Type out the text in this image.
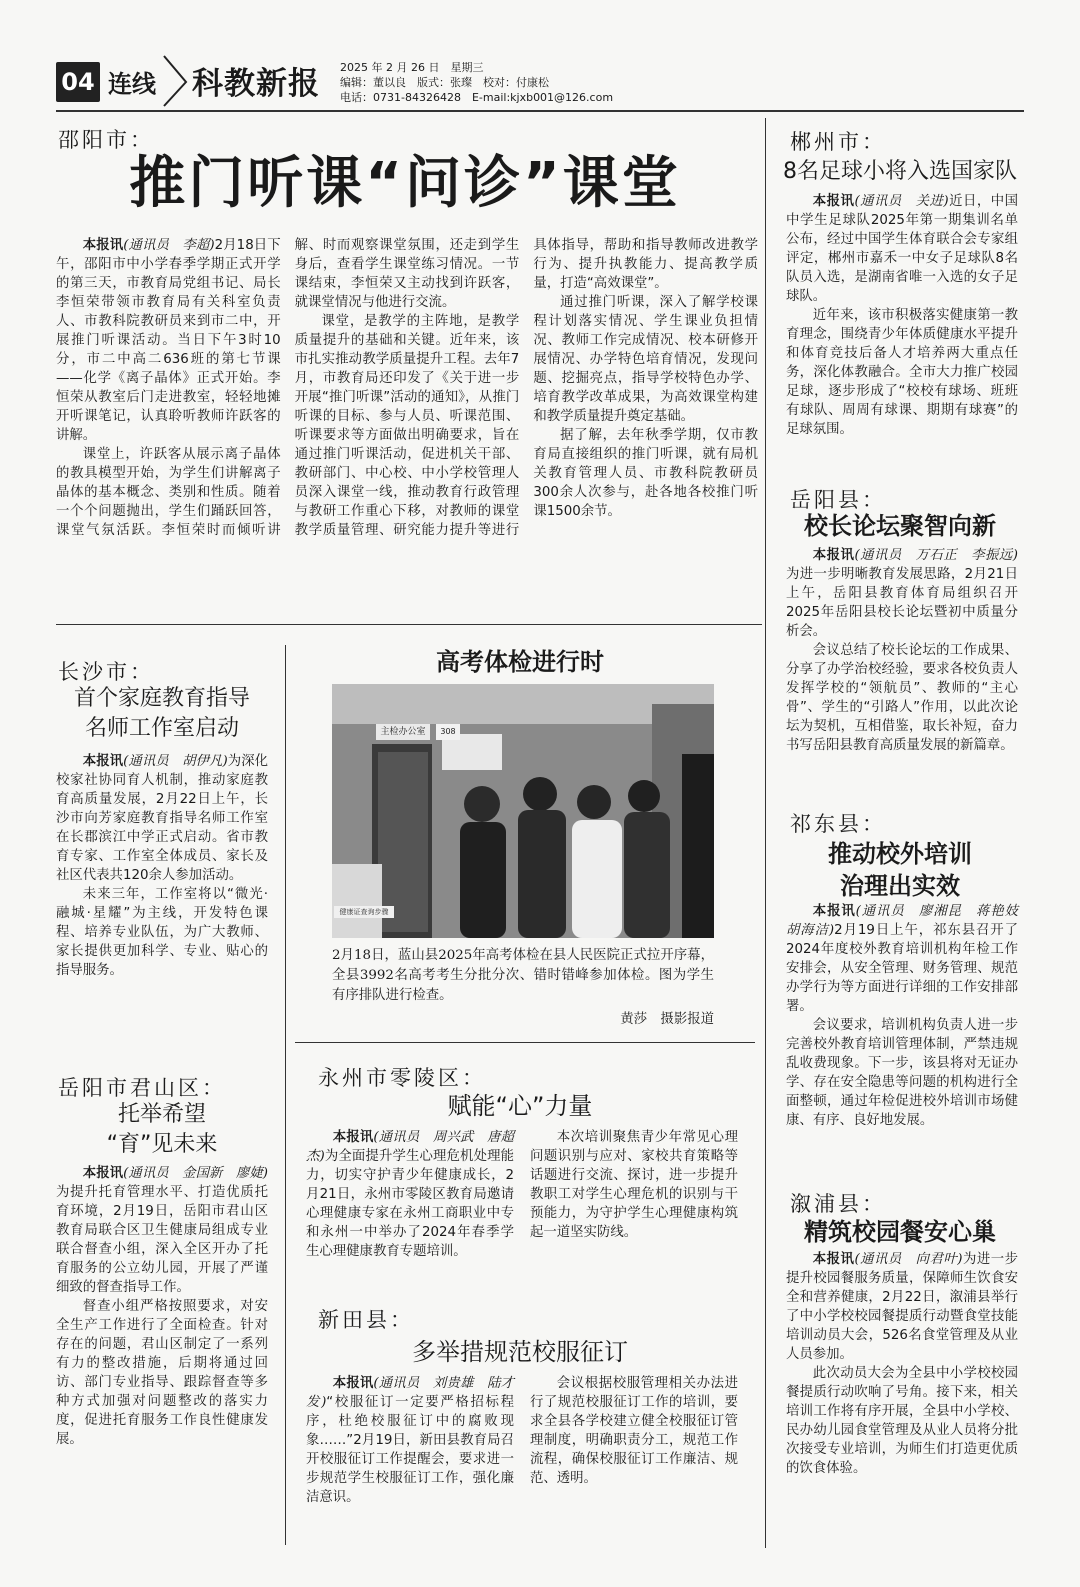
04 连线 科教新报 2025 年 2 月 26 日　星期三
编辑：董以良　版式：张璨　校对：付康松
电话：0731-84326428　E-mail:kjxb001@126.com
邵阳市：
推门听课“问诊”课堂

本报讯(通讯员　李超)2月18日下午，邵阳市中小学春季学期正式开学的第三天，市教育局党组书记、局长李恒荣带领市教育局有关科室负责人、市教科院教研员来到市二中，开展推门听课活动。当日下午3时10分，市二中高二636班的第七节课——化学《离子晶体》正式开始。李恒荣从教室后门走进教室，轻轻地摊开听课笔记，认真聆听教师许跃客的讲解。

课堂上，许跃客从展示离子晶体的教具模型开始，为学生们讲解离子晶体的基本概念、类别和性质。随着一个个问题抛出，学生们踊跃回答，课堂气氛活跃。李恒荣时而倾听讲解、时而观察课堂氛围，还走到学生身后，查看学生课堂练习情况。一节课结束，李恒荣又主动找到许跃客，就课堂情况与他进行交流。

课堂，是教学的主阵地，是教学质量提升的基础和关键。近年来，该市扎实推动教学质量提升工程。去年7月，市教育局还印发了《关于进一步开展“推门听课”活动的通知》，从推门听课的目标、参与人员、听课范围、听课要求等方面做出明确要求，旨在通过推门听课活动，促进机关干部、教研部门、中心校、中小学校管理人员深入课堂一线，推动教育行政管理与教研工作重心下移，对教师的课堂教学质量管理、研究能力提升等进行具体指导，帮助和指导教师改进教学行为、提升执教能力、提高教学质量，打造“高效课堂”。

通过推门听课，深入了解学校课程计划落实情况、学生课业负担情况、教师工作完成情况、校本研修开展情况、办学特色培育情况，发现问题、挖掘亮点，指导学校特色办学、培育教学改革成果，为高效课堂构建和教学质量提升奠定基础。

据了解，去年秋季学期，仅市教育局直接组织的推门听课，就有局机关教育管理人员、市教科院教研员300余人次参与，赴各地各校推门听课1500余节。

郴州市：
8名足球小将入选国家队

本报讯(通讯员　关进)近日，中国中学生足球队2025年第一期集训名单公布，经过中国学生体育联合会专家组评定，郴州市嘉禾一中女子足球队8名队员入选，是湖南省唯一入选的女子足球队。

近年来，该市积极落实健康第一教育理念，围绕青少年体质健康水平提升和体育竞技后备人才培养两大重点任务，深化体教融合。全市大力推广校园足球，逐步形成了“校校有球场、班班有球队、周周有球课、期期有球赛”的足球氛围。

岳阳县：
校长论坛聚智向新

本报讯(通讯员　万石正　李振远)为进一步明晰教育发展思路，2月21日上午，岳阳县教育体育局组织召开2025年岳阳县校长论坛暨初中质量分析会。

会议总结了校长论坛的工作成果、分享了办学治校经验，要求各校负责人发挥学校的“领航员”、教师的“主心骨”、学生的“引路人”作用，以此次论坛为契机，互相借鉴，取长补短，奋力书写岳阳县教育高质量发展的新篇章。

祁东县：
推动校外培训
治理出实效

本报讯(通讯员　廖湘昆　蒋艳妓　胡海洁)2月19日上午，祁东县召开了2024年度校外教育培训机构年检工作安排会，从安全管理、财务管理、规范办学行为等方面进行详细的工作安排部署。

会议要求，培训机构负责人进一步完善校外教育培训管理体制，严禁违规乱收费现象。下一步，该县将对无证办学、存在安全隐患等问题的机构进行全面整顿，通过年检促进校外培训市场健康、有序、良好地发展。

溆浦县：
精筑校园餐安心巢

本报讯(通讯员　向君叶)为进一步提升校园餐服务质量，保障师生饮食安全和营养健康，2月22日，溆浦县举行了中小学校校园餐提质行动暨食堂技能培训动员大会，526名食堂管理及从业人员参加。

此次动员大会为全县中小学校校园餐提质行动吹响了号角。接下来，相关培训工作将有序开展，全县中小学校、民办幼儿园食堂管理及从业人员将分批次接受专业培训，为师生们打造更优质的饮食体验。

长沙市：
首个家庭教育指导
名师工作室启动

本报讯(通讯员　胡伊凡)为深化校家社协同育人机制，推动家庭教育高质量发展，2月22日上午，长沙市向芳家庭教育指导名师工作室在长郡滨江中学正式启动。省市教育专家、工作室全体成员、家长及社区代表共120余人参加活动。

未来三年，工作室将以“微光·融城·星耀”为主线，开发特色课程、培养专业队伍，为广大教师、家长提供更加科学、专业、贴心的指导服务。

岳阳市君山区：
托举希望
“育”见未来

本报讯(通讯员　金国新　廖婕)为提升托育管理水平、打造优质托育环境，2月19日，岳阳市君山区教育局联合区卫生健康局组成专业联合督查小组，深入全区开办了托育服务的公立幼儿园，开展了严谨细致的督查指导工作。

督查小组严格按照要求，对安全生产工作进行了全面检查。针对存在的问题，君山区制定了一系列有力的整改措施，后期将通过回访、部门专业指导、跟踪督查等多种方式加强对问题整改的落实力度，促进托育服务工作良性健康发展。

高考体检进行时
主检办公室	308
健康证查询步骤
2月18日，蓝山县2025年高考体检在县人民医院正式拉开序幕，全县3992名高考考生分批分次、错时错峰参加体检。图为学生有序排队进行检查。
黄莎　摄影报道
永州市零陵区：
赋能“心”力量

本报讯(通讯员　周兴武　唐超杰)为全面提升学生心理危机处理能力，切实守护青少年健康成长，2月21日，永州市零陵区教育局邀请心理健康专家在永州工商职业中专和永州一中举办了2024年春季学生心理健康教育专题培训。

本次培训聚焦青少年常见心理问题识别与应对、家校共育策略等话题进行交流、探讨，进一步提升教职工对学生心理危机的识别与干预能力，为守护学生心理健康构筑起一道坚实防线。

新田县：
多举措规范校服征订

本报讯(通讯员　刘贵雄　陆才发)“校服征订一定要严格招标程序，杜绝校服征订中的腐败现象……”2月19日，新田县教育局召开校服征订工作提醒会，要求进一步规范学生校服征订工作，强化廉洁意识。

会议根据校服管理相关办法进行了规范校服征订工作的培训，要求全县各学校建立健全校服征订管理制度，明确职责分工，规范工作流程，确保校服征订工作廉洁、规范、透明。
